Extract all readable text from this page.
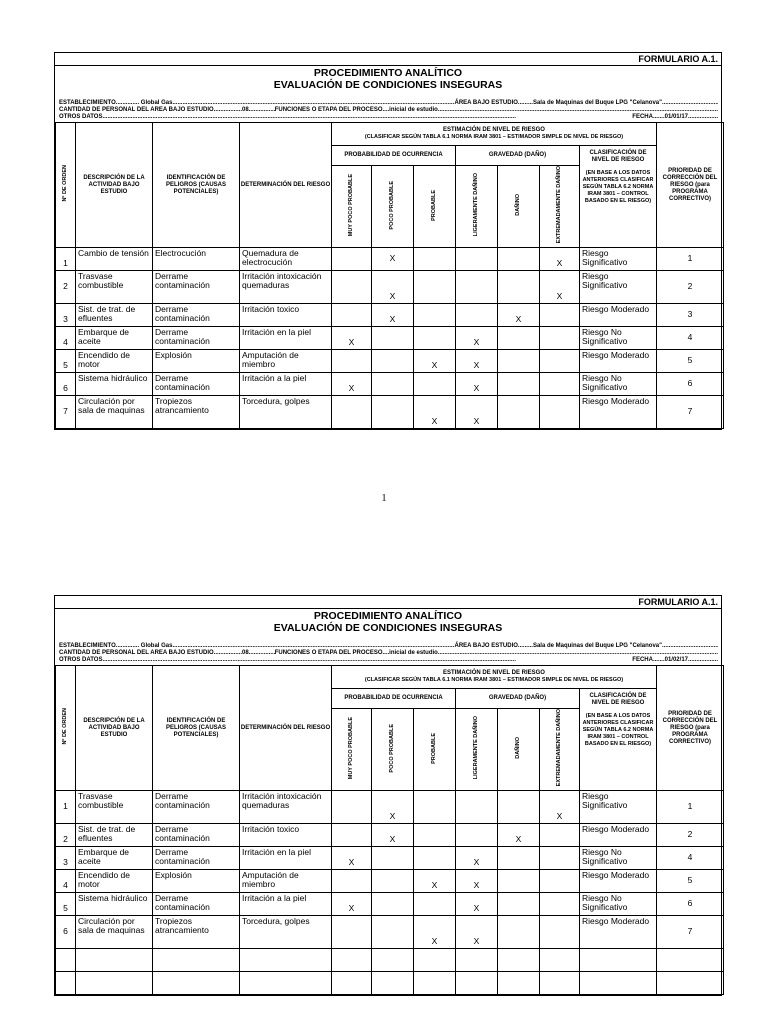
FORMULARIO A.1.
PROCEDIMIENTO ANALÍTICO
EVALUACIÓN DE CONDICIONES INSEGURAS
ESTABLECIMIENTO.............. Global Gas .....	ÁREA BAJO ESTUDIO.........Sala de Maquinas del Buque LPG "Celanova"
.....
CANTIDAD DE PERSONAL DEL AREA BAJO ESTUDIO.................08 .....	FUNCIONES O ETAPA DEL PROCESO....inicial de estudio
.....
OTROS DATOS .....	FECHA.......01/01/17
.....
Nº DE ORDEN	DESCRIPCIÓN DE LA ACTIVIDAD BAJO ESTUDIO	IDENTIFICACIÓN DE PELIGROS (CAUSAS POTENCIALES)	DETERMINACIÓN DEL RIESGO	ESTIMACIÓN DE NIVEL DE RIESGO
(CLASIFICAR SEGÚN TABLA 6.1 NORMA IRAM 3801 – ESTIMADOR SIMPLE DE NIVEL DE RIESGO)							PRIORIDAD DE CORRECCIÓN DEL RIESGO (para PROGRAMA CORRECTIVO)
				PROBABILIDAD DE OCURRENCIA			GRAVEDAD (DAÑO)			CLASIFICACIÓN DE NIVEL DE RIESGO
(EN BASE A LOS DATOS ANTERIORES CLASIFICAR SEGÚN TABLA 6.2 NORMA IRAM 3801 – CONTROL BASADO EN EL RIESGO)	

				MUY POCO PROBABLE	POCO PROBABLE	PROBABLE	LIGERAMENTE DAÑINO	DAÑINO	EXTREMADAMENTE DAÑINO		
1	Cambio de tensión	Electrocución	Quemadura de electrocución		X				X	Riesgo Significativo	1
2	Trasvase combustible	Derrame contaminación	Irritación intoxicación quemaduras		X				X	Riesgo Significativo	2
3	Sist. de trat. de efluentes	Derrame contaminación	Irritación toxico		X			X		Riesgo Moderado	3
4	Embarque de aceite	Derrame contaminación	Irritación en la piel	X			X			Riesgo No Significativo	4
5	Encendido de motor	Explosión	Amputación de miembro			X	X			Riesgo Moderado	5
6	Sistema hidráulico	Derrame contaminación	Irritación a la piel	X			X			Riesgo No Significativo	6
7	Circulación por sala de maquinas	Tropiezos atrancamiento	Torcedura, golpes			X	X			Riesgo Moderado	7
1
FORMULARIO A.1.
PROCEDIMIENTO ANALÍTICO
EVALUACIÓN DE CONDICIONES INSEGURAS
ESTABLECIMIENTO.............. Global Gas .....	ÁREA BAJO ESTUDIO.........Sala de Maquinas del Buque LPG "Celanova"
.....
CANTIDAD DE PERSONAL DEL AREA BAJO ESTUDIO.................08 .....	FUNCIONES O ETAPA DEL PROCESO....inicial de estudio
.....
OTROS DATOS .....	FECHA.......01/02/17
.....
Nº DE ORDEN	DESCRIPCIÓN DE LA ACTIVIDAD BAJO ESTUDIO	IDENTIFICACIÓN DE PELIGROS (CAUSAS POTENCIALES)	DETERMINACIÓN DEL RIESGO	ESTIMACIÓN DE NIVEL DE RIESGO
(CLASIFICAR SEGÚN TABLA 6.1 NORMA IRAM 3801 – ESTIMADOR SIMPLE DE NIVEL DE RIESGO)							PRIORIDAD DE CORRECCIÓN DEL RIESGO (para PROGRAMA CORRECTIVO)
				PROBABILIDAD DE OCURRENCIA			GRAVEDAD (DAÑO)			CLASIFICACIÓN DE NIVEL DE RIESGO
(EN BASE A LOS DATOS ANTERIORES CLASIFICAR SEGÚN TABLA 6.2 NORMA IRAM 3801 – CONTROL BASADO EN EL RIESGO)	

				MUY POCO PROBABLE	POCO PROBABLE	PROBABLE	LIGERAMENTE DAÑINO	DAÑINO	EXTREMADAMENTE DAÑINO		
1	Trasvase combustible	Derrame contaminación	Irritación intoxicación quemaduras		X				X	Riesgo Significativo	1
2	Sist. de trat. de efluentes	Derrame contaminación	Irritación toxico		X			X		Riesgo Moderado	2
3	Embarque de aceite	Derrame contaminación	Irritación en la piel	X			X			Riesgo No Significativo	4
4	Encendido de motor	Explosión	Amputación de miembro			X	X			Riesgo Moderado	5
5	Sistema hidráulico	Derrame contaminación	Irritación a la piel	X			X			Riesgo No Significativo	6
6	Circulación por sala de maquinas	Tropiezos atrancamiento	Torcedura, golpes			X	X			Riesgo Moderado	7
